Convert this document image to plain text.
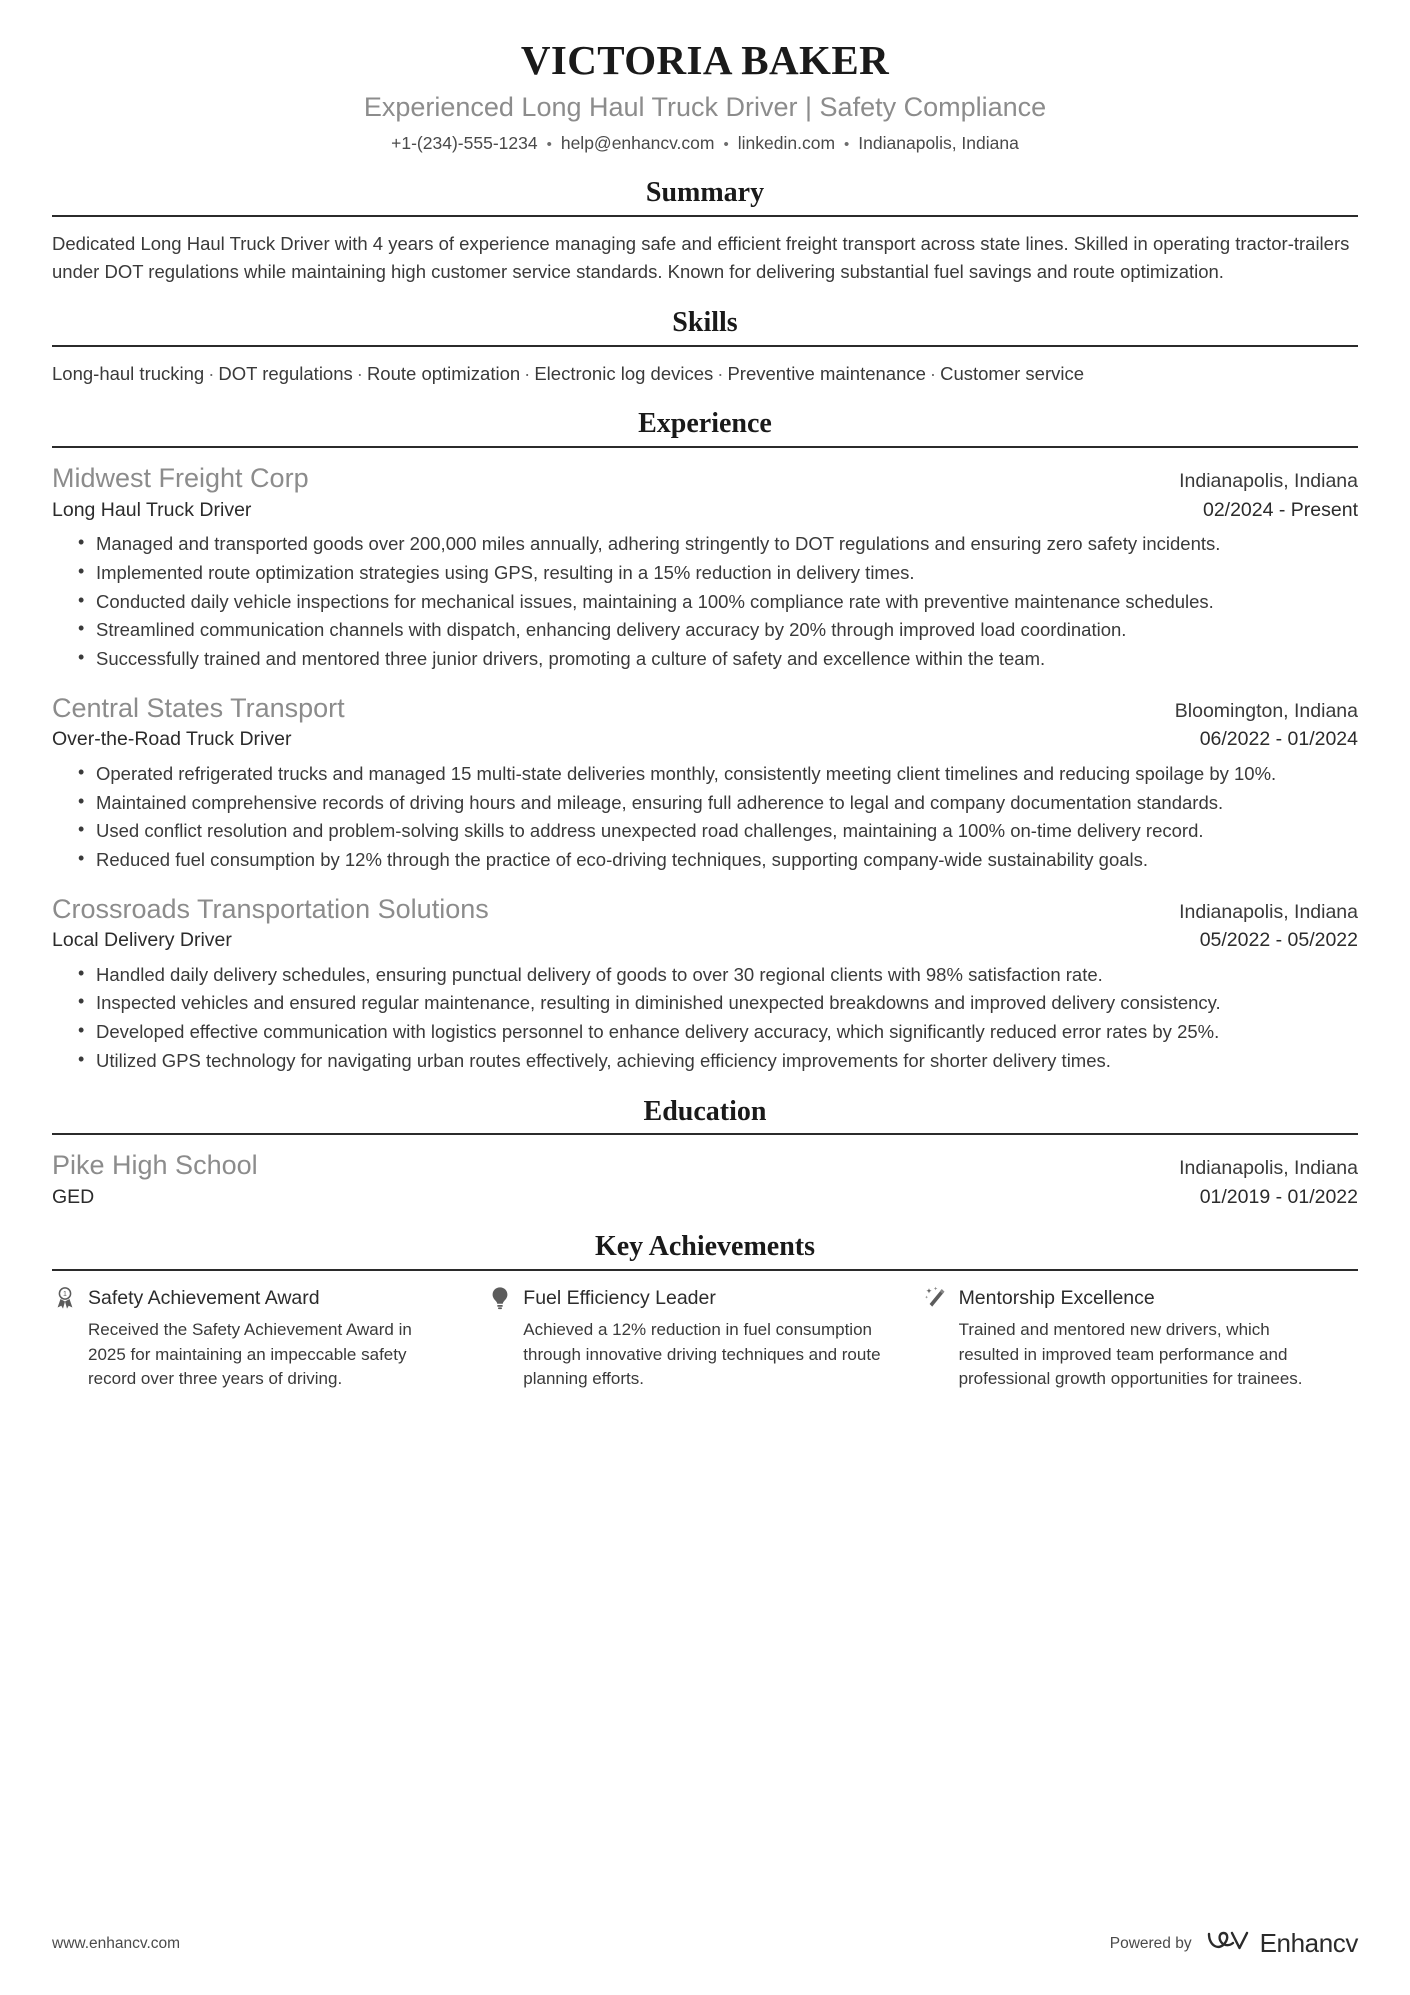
VICTORIA BAKER
Experienced Long Haul Truck Driver | Safety Compliance
+1-(234)-555-1234 • help@enhancv.com • linkedin.com • Indianapolis, Indiana
Summary
Dedicated Long Haul Truck Driver with 4 years of experience managing safe and efficient freight transport across state lines. Skilled in operating tractor-trailers under DOT regulations while maintaining high customer service standards. Known for delivering substantial fuel savings and route optimization.
Skills
Long-haul trucking · DOT regulations · Route optimization · Electronic log devices · Preventive maintenance · Customer service
Experience
Midwest Freight Corp	Indianapolis, Indiana
Long Haul Truck Driver	02/2024 - Present
• Managed and transported goods over 200,000 miles annually, adhering stringently to DOT regulations and ensuring zero safety incidents.
• Implemented route optimization strategies using GPS, resulting in a 15% reduction in delivery times.
• Conducted daily vehicle inspections for mechanical issues, maintaining a 100% compliance rate with preventive maintenance schedules.
• Streamlined communication channels with dispatch, enhancing delivery accuracy by 20% through improved load coordination.
• Successfully trained and mentored three junior drivers, promoting a culture of safety and excellence within the team.
Central States Transport	Bloomington, Indiana
Over-the-Road Truck Driver	06/2022 - 01/2024
• Operated refrigerated trucks and managed 15 multi-state deliveries monthly, consistently meeting client timelines and reducing spoilage by 10%.
• Maintained comprehensive records of driving hours and mileage, ensuring full adherence to legal and company documentation standards.
• Used conflict resolution and problem-solving skills to address unexpected road challenges, maintaining a 100% on-time delivery record.
• Reduced fuel consumption by 12% through the practice of eco-driving techniques, supporting company-wide sustainability goals.
Crossroads Transportation Solutions	Indianapolis, Indiana
Local Delivery Driver	05/2022 - 05/2022
• Handled daily delivery schedules, ensuring punctual delivery of goods to over 30 regional clients with 98% satisfaction rate.
• Inspected vehicles and ensured regular maintenance, resulting in diminished unexpected breakdowns and improved delivery consistency.
• Developed effective communication with logistics personnel to enhance delivery accuracy, which significantly reduced error rates by 25%.
• Utilized GPS technology for navigating urban routes effectively, achieving efficiency improvements for shorter delivery times.
Education
Pike High School	Indianapolis, Indiana
GED	01/2019 - 01/2022
Key Achievements
1 Safety Achievement Award
Received the Safety Achievement Award in 2025 for maintaining an impeccable safety record over three years of driving.
Fuel Efficiency Leader
Achieved a 12% reduction in fuel consumption through innovative driving techniques and route planning efforts.
Mentorship Excellence
Trained and mentored new drivers, which resulted in improved team performance and professional growth opportunities for trainees.
www.enhancv.com	Powered by	Enhancv
